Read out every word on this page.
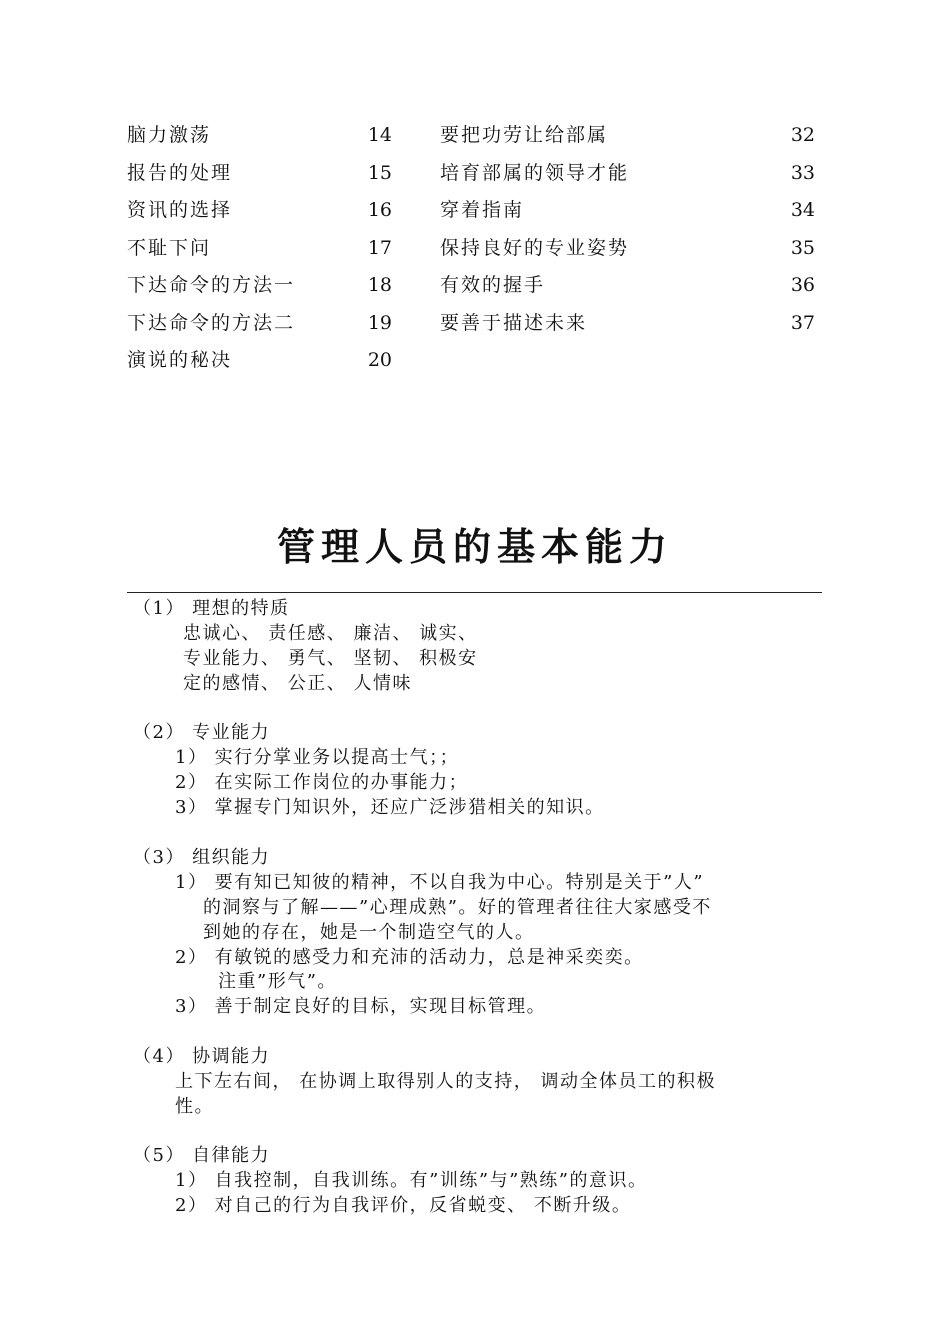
脑力激荡	14
报告的处理	15
资讯的选择	16
不耻下问	17
下达命令的方法一	18
下达命令的方法二	19
演说的秘决	20
要把功劳让给部属	32
培育部属的领导才能	33
穿着指南	34
保持良好的专业姿势	35
有效的握手	36
要善于描述未来	37
管理人员的基本能力
（1） 理想的特质
忠诚心、 责任感、 廉洁、 诚实、
专业能力、 勇气、 坚韧、 积极安
定的感情、 公正、 人情味
（2） 专业能力
1） 实行分掌业务以提高士气；；
2） 在实际工作岗位的办事能力；
3） 掌握专门知识外，还应广泛涉猎相关的知识。
（3） 组织能力
1） 要有知已知彼的精神，不以自我为中心。特别是关于”人”
的洞察与了解——”心理成熟”。好的管理者往往大家感受不
到她的存在，她是一个制造空气的人。
2） 有敏锐的感受力和充沛的活动力，总是神采奕奕。
注重”形气”。
3） 善于制定良好的目标，实现目标管理。
（4） 协调能力
上下左右间， 在协调上取得别人的支持， 调动全体员工的积极
性。
（5） 自律能力
1） 自我控制，自我训练。有”训练”与”熟练”的意识。
2） 对自己的行为自我评价，反省蜕变、 不断升级。
